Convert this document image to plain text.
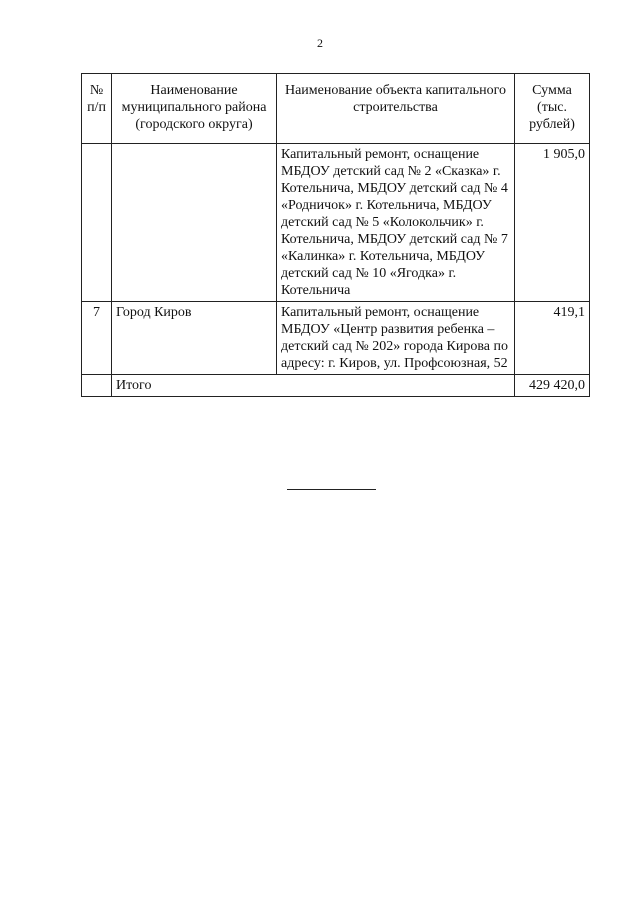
2
№ п/п	Наименование муниципального района (городского округа)	Наименование объекта капитального строительства	Сумма (тыс. рублей)
		Капитальный ремонт, оснащение МБДОУ детский сад № 2 «Сказка» г. Котельнича, МБДОУ детский сад № 4 «Родничок» г. Котельнича, МБДОУ детский сад № 5 «Колокольчик» г. Котельнича, МБДОУ детский сад № 7 «Калинка» г. Котельнича, МБДОУ детский сад № 10 «Ягодка» г. Котельнича	1 905,0
7	Город Киров	Капитальный ремонт, оснащение МБДОУ «Центр развития ребенка – детский сад № 202» города Кирова по адресу: г. Киров, ул. Профсоюзная, 52	419,1
	Итого		429 420,0
